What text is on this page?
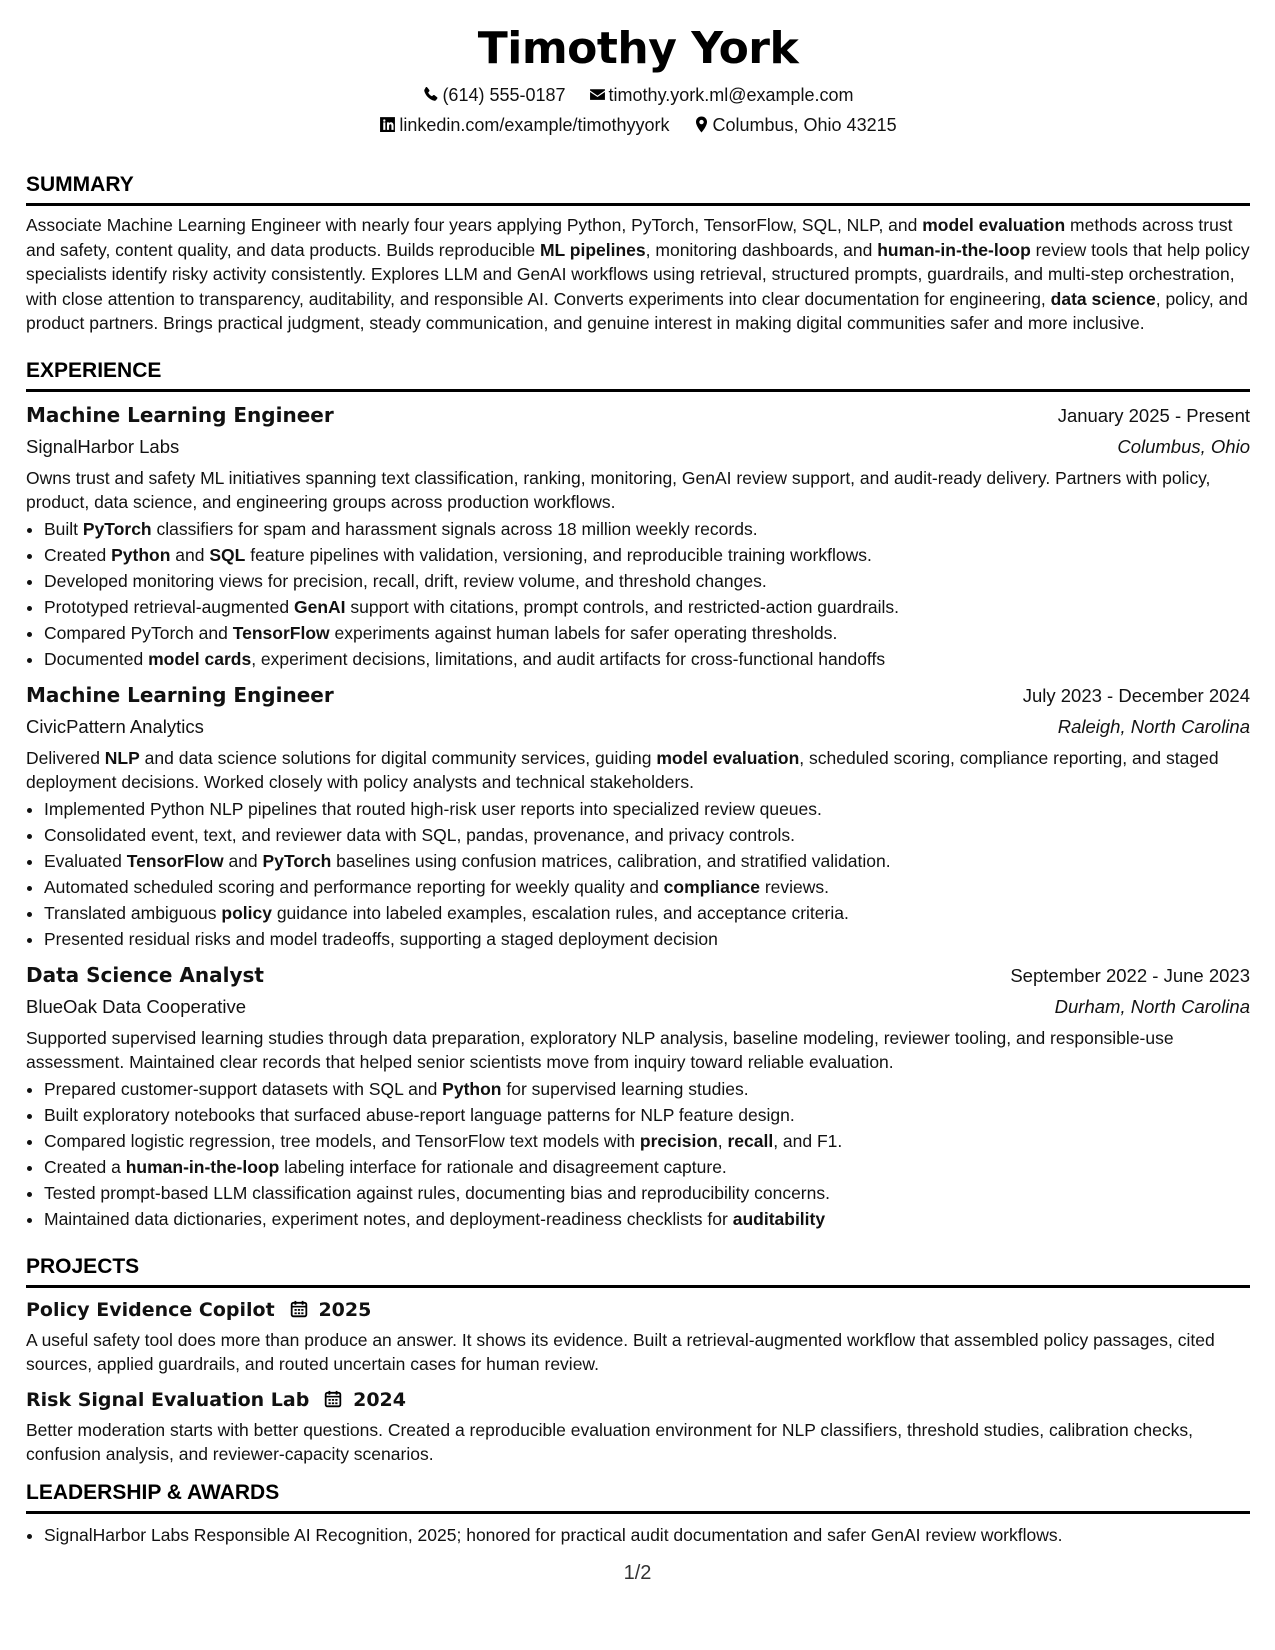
Timothy York
(614) 555-0187 timothy.york.ml@example.com
linkedin.com/example/timothyyork Columbus, Ohio 43215
SUMMARY

Associate Machine Learning Engineer with nearly four years applying Python, PyTorch, TensorFlow, SQL, NLP, and model evaluation methods across trust and safety, content quality, and data products. Builds reproducible ML pipelines, monitoring dashboards, and human-in-the-loop review tools that help policy specialists identify risky activity consistently. Explores LLM and GenAI workflows using retrieval, structured prompts, guardrails, and multi-step orchestration, with close attention to transparency, auditability, and responsible AI. Converts experiments into clear documentation for engineering, data science, policy, and product partners. Brings practical judgment, steady communication, and genuine interest in making digital communities safer and more inclusive.

EXPERIENCE
Machine Learning Engineer	January 2025 - Present
SignalHarbor Labs	Columbus, Ohio

Owns trust and safety ML initiatives spanning text classification, ranking, monitoring, GenAI review support, and audit-ready delivery. Partners with policy, product, data science, and engineering groups across production workflows.

• Built PyTorch classifiers for spam and harassment signals across 18 million weekly records.
• Created Python and SQL feature pipelines with validation, versioning, and reproducible training workflows.
• Developed monitoring views for precision, recall, drift, review volume, and threshold changes.
• Prototyped retrieval-augmented GenAI support with citations, prompt controls, and restricted-action guardrails.
• Compared PyTorch and TensorFlow experiments against human labels for safer operating thresholds.
• Documented model cards, experiment decisions, limitations, and audit artifacts for cross-functional handoffs
Machine Learning Engineer	July 2023 - December 2024
CivicPattern Analytics	Raleigh, North Carolina

Delivered NLP and data science solutions for digital community services, guiding model evaluation, scheduled scoring, compliance reporting, and staged deployment decisions. Worked closely with policy analysts and technical stakeholders.

• Implemented Python NLP pipelines that routed high-risk user reports into specialized review queues.
• Consolidated event, text, and reviewer data with SQL, pandas, provenance, and privacy controls.
• Evaluated TensorFlow and PyTorch baselines using confusion matrices, calibration, and stratified validation.
• Automated scheduled scoring and performance reporting for weekly quality and compliance reviews.
• Translated ambiguous policy guidance into labeled examples, escalation rules, and acceptance criteria.
• Presented residual risks and model tradeoffs, supporting a staged deployment decision
Data Science Analyst	September 2022 - June 2023
BlueOak Data Cooperative	Durham, North Carolina

Supported supervised learning studies through data preparation, exploratory NLP analysis, baseline modeling, reviewer tooling, and responsible-use assessment. Maintained clear records that helped senior scientists move from inquiry toward reliable evaluation.

• Prepared customer-support datasets with SQL and Python for supervised learning studies.
• Built exploratory notebooks that surfaced abuse-report language patterns for NLP feature design.
• Compared logistic regression, tree models, and TensorFlow text models with precision, recall, and F1.
• Created a human-in-the-loop labeling interface for rationale and disagreement capture.
• Tested prompt-based LLM classification against rules, documenting bias and reproducibility concerns.
• Maintained data dictionaries, experiment notes, and deployment-readiness checklists for auditability
PROJECTS
Policy Evidence Copilot 2025

A useful safety tool does more than produce an answer. It shows its evidence. Built a retrieval-augmented workflow that assembled policy passages, cited sources, applied guardrails, and routed uncertain cases for human review.

Risk Signal Evaluation Lab 2024

Better moderation starts with better questions. Created a reproducible evaluation environment for NLP classifiers, threshold studies, calibration checks, confusion analysis, and reviewer-capacity scenarios.

LEADERSHIP & AWARDS
• SignalHarbor Labs Responsible AI Recognition, 2025; honored for practical audit documentation and safer GenAI review workflows.
1/2
